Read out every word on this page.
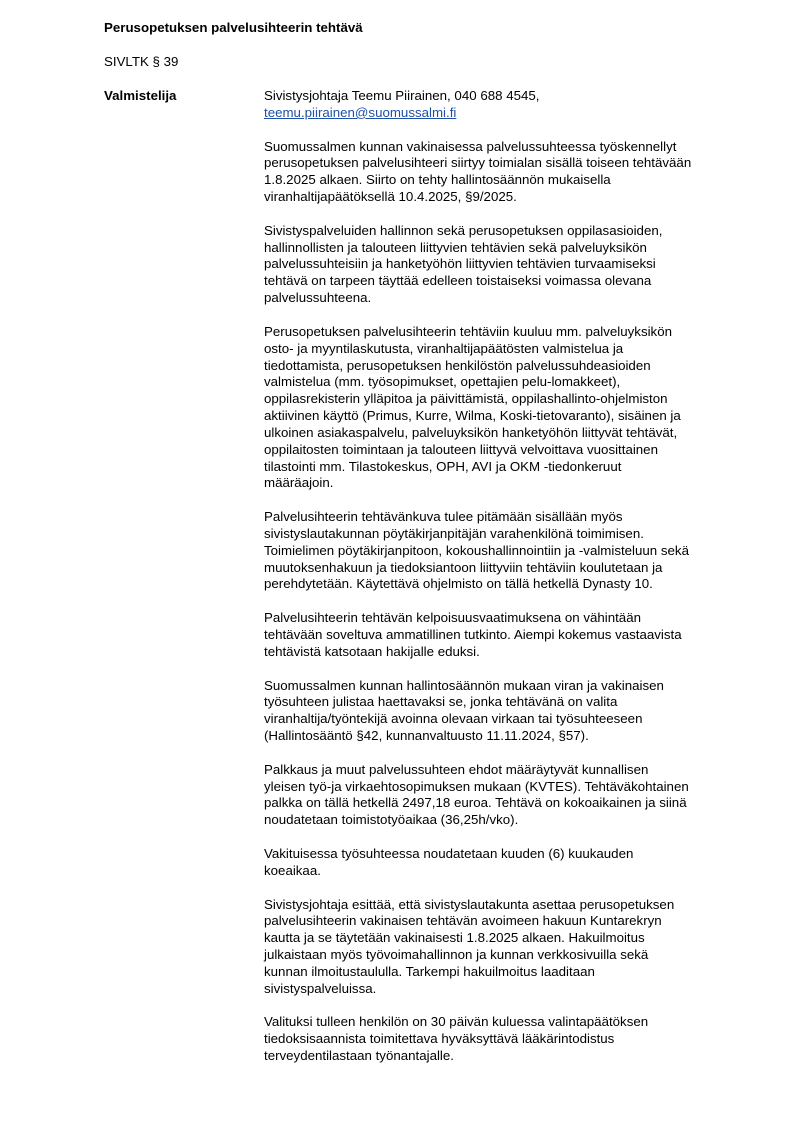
Perusopetuksen palvelusihteerin tehtävä
SIVLTK § 39
Valmistelija	Sivistysjohtaja Teemu Piirainen, 040 688 4545,
teemu.piirainen@suomussalmi.fi

Suomussalmen kunnan vakinaisessa palvelussuhteessa työskennellyt
perusopetuksen palvelusihteeri siirtyy toimialan sisällä toiseen tehtävään
1.8.2025 alkaen. Siirto on tehty hallintosäännön mukaisella
viranhaltijapäätöksellä 10.4.2025, §9/2025.

Sivistyspalveluiden hallinnon sekä perusopetuksen oppilasasioiden,
hallinnollisten ja talouteen liittyvien tehtävien sekä palveluyksikön
palvelussuhteisiin ja hanketyöhön liittyvien tehtävien turvaamiseksi
tehtävä on tarpeen täyttää edelleen toistaiseksi voimassa olevana
palvelussuhteena.

Perusopetuksen palvelusihteerin tehtäviin kuuluu mm. palveluyksikön
osto- ja myyntilaskutusta, viranhaltijapäätösten valmistelua ja
tiedottamista, perusopetuksen henkilöstön palvelussuhdeasioiden
valmistelua (mm. työsopimukset, opettajien pelu-lomakkeet),
oppilasrekisterin ylläpitoa ja päivittämistä, oppilashallinto-ohjelmiston
aktiivinen käyttö (Primus, Kurre, Wilma, Koski-tietovaranto), sisäinen ja
ulkoinen asiakaspalvelu, palveluyksikön hanketyöhön liittyvät tehtävät,
oppilaitosten toimintaan ja talouteen liittyvä velvoittava vuosittainen
tilastointi mm. Tilastokeskus, OPH, AVI ja OKM -tiedonkeruut
määräajoin.

Palvelusihteerin tehtävänkuva tulee pitämään sisällään myös
sivistyslautakunnan pöytäkirjanpitäjän varahenkilönä toimimisen.
Toimielimen pöytäkirjanpitoon, kokoushallinnointiin ja -valmisteluun sekä
muutoksenhakuun ja tiedoksiantoon liittyviin tehtäviin koulutetaan ja
perehdytetään. Käytettävä ohjelmisto on tällä hetkellä Dynasty 10.

Palvelusihteerin tehtävän kelpoisuusvaatimuksena on vähintään
tehtävään soveltuva ammatillinen tutkinto. Aiempi kokemus vastaavista
tehtävistä katsotaan hakijalle eduksi.

Suomussalmen kunnan hallintosäännön mukaan viran ja vakinaisen
työsuhteen julistaa haettavaksi se, jonka tehtävänä on valita
viranhaltija/työntekijä avoinna olevaan virkaan tai työsuhteeseen
(Hallintosääntö §42, kunnanvaltuusto 11.11.2024, §57).

Palkkaus ja muut palvelussuhteen ehdot määräytyvät kunnallisen
yleisen työ-ja virkaehtosopimuksen mukaan (KVTES). Tehtäväkohtainen
palkka on tällä hetkellä 2497,18 euroa. Tehtävä on kokoaikainen ja siinä
noudatetaan toimistotyöaikaa (36,25h/vko).

Vakituisessa työsuhteessa noudatetaan kuuden (6) kuukauden
koeaikaa.

Sivistysjohtaja esittää, että sivistyslautakunta asettaa perusopetuksen
palvelusihteerin vakinaisen tehtävän avoimeen hakuun Kuntarekryn
kautta ja se täytetään vakinaisesti 1.8.2025 alkaen. Hakuilmoitus
julkaistaan myös työvoimahallinnon ja kunnan verkkosivuilla sekä
kunnan ilmoitustaululla. Tarkempi hakuilmoitus laaditaan
sivistyspalveluissa.

Valituksi tulleen henkilön on 30 päivän kuluessa valintapäätöksen
tiedoksisaannista toimitettava hyväksyttävä lääkärintodistus
terveydentilastaan työnantajalle.
